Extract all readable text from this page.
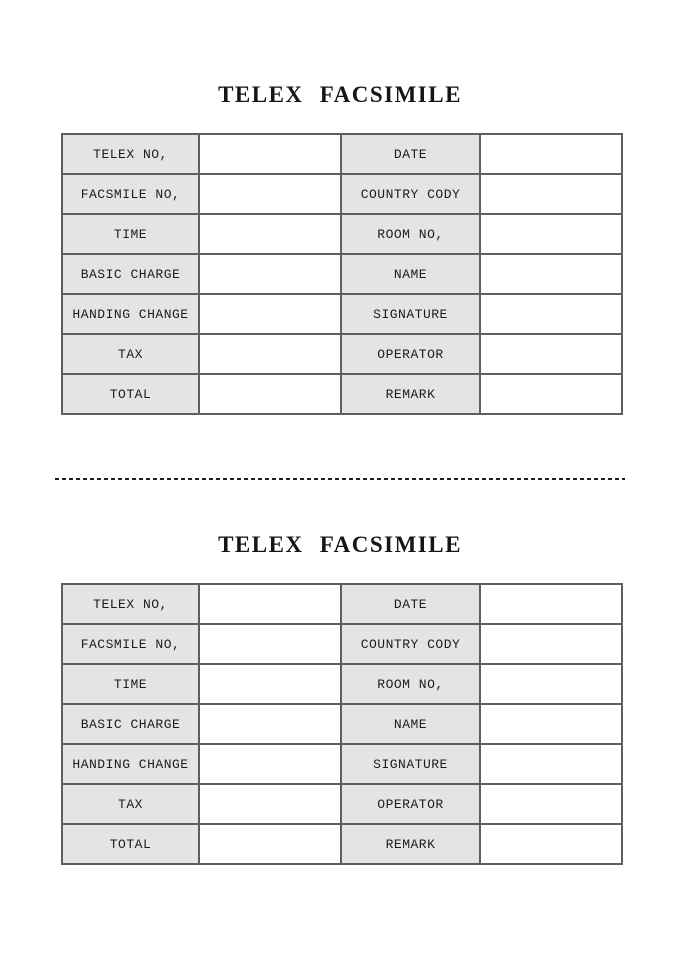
TELEX FACSIMILE
TELEX NO,		DATE	
FACSMILE NO,		COUNTRY CODY	
TIME		ROOM NO,	
BASIC CHARGE		NAME	
HANDING CHANGE		SIGNATURE	
TAX		OPERATOR	
TOTAL		REMARK	
TELEX FACSIMILE
TELEX NO,		DATE	
FACSMILE NO,		COUNTRY CODY	
TIME		ROOM NO,	
BASIC CHARGE		NAME	
HANDING CHANGE		SIGNATURE	
TAX		OPERATOR	
TOTAL		REMARK	
